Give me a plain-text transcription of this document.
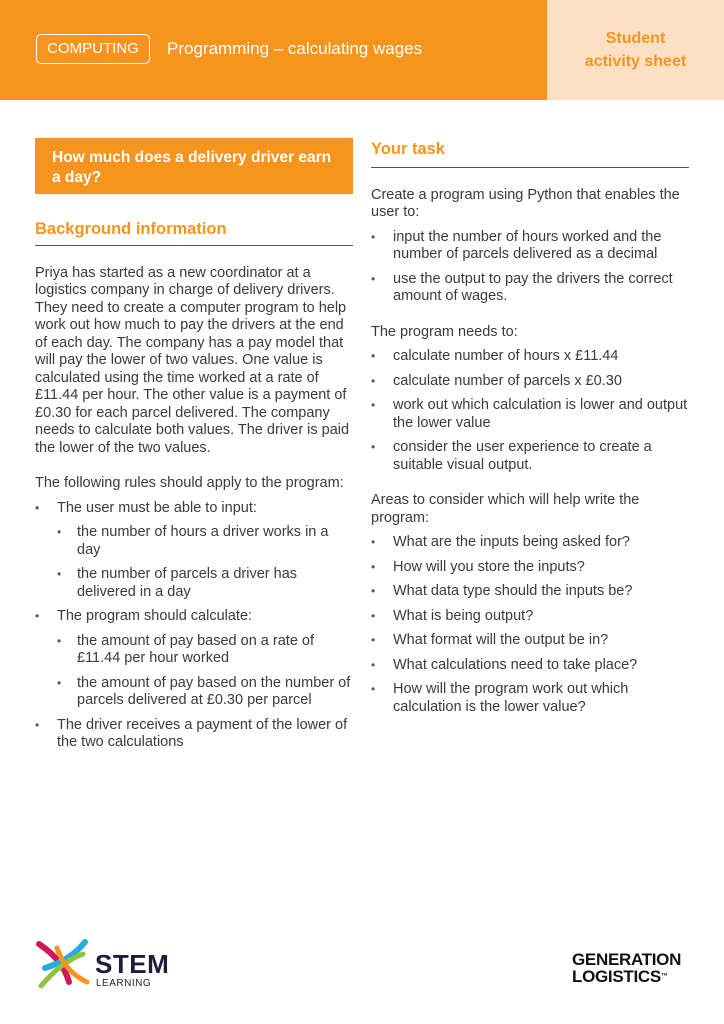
COMPUTING	Programming – calculating wages
Student
activity sheet
How much does a delivery driver earn a day?
Background information

Priya has started as a new coordinator at a logistics company in charge of delivery drivers. They need to create a computer program to help work out how much to pay the drivers at the end of each day. The company has a pay model that will pay the lower of two values. One value is calculated using the time worked at a rate of £11.44 per hour. The other value is a payment of £0.30 for each parcel delivered. The company needs to calculate both values. The driver is paid the lower of the two values.

The following rules should apply to the program:

• The user must be able to input:
• the number of hours a driver works in a day
• the number of parcels a driver has delivered in a day
• The program should calculate:
• the amount of pay based on a rate of £11.44 per hour worked
• the amount of pay based on the number of parcels delivered at £0.30 per parcel
• The driver receives a payment of the lower of the two calculations
Your task

Create a program using Python that enables the user to:

• input the number of hours worked and the number of parcels delivered as a decimal
• use the output to pay the drivers the correct amount of wages.

The program needs to:

• calculate number of hours x £11.44
• calculate number of parcels x £0.30
• work out which calculation is lower and output the lower value
• consider the user experience to create a suitable visual output.

Areas to consider which will help write the program:

• What are the inputs being asked for?
• How will you store the inputs?
• What data type should the inputs be?
• What is being output?
• What format will the output be in?
• What calculations need to take place?
• How will the program work out which calculation is the lower value?
STEM
LEARNING
GENERATION
LOGISTICS™
